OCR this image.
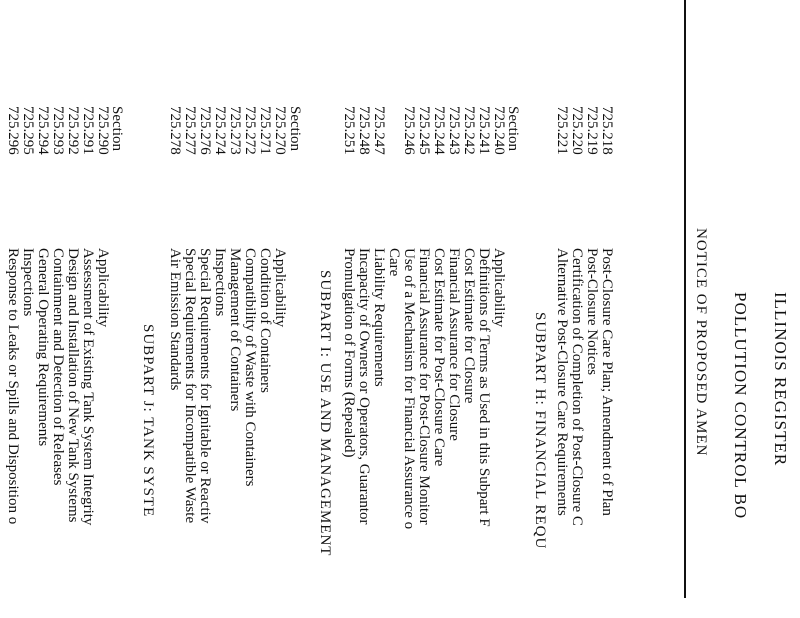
ILLINOIS REGISTER
POLLUTION CONTROL BO
NOTICE OF PROPOSED AMEN
725.218
Post-Closure Care Plan; Amendment of Plan
725.219
Post-Closure Notices
725.220
Certification of Completion of Post-Closure C
725.221
Alternative Post-Closure Care Requirements
SUBPART H: FINANCIAL REQU
Section
725.240
Applicability
725.241
Definitions of Terms as Used in this Subpart F
725.242
Cost Estimate for Closure
725.243
Financial Assurance for Closure
725.244
Cost Estimate for Post-Closure Care
725.245
Financial Assurance for Post-Closure Monitor
725.246
Use of a Mechanism for Financial Assurance o
Care
725.247
Liability Requirements
725.248
Incapacity of Owners or Operators, Guarantor
725.251
Promulgation of Forms (Repealed)
SUBPART I: USE AND MANAGEMENT
Section
725.270
Applicability
725.271
Condition of Containers
725.272
Compatibility of Waste with Containers
725.273
Management of Containers
725.274
Inspections
725.276
Special Requirements for Ignitable or Reactiv
725.277
Special Requirements for Incompatible Waste
725.278
Air Emission Standards
SUBPART J: TANK SYSTE
Section
725.290
Applicability
725.291
Assessment of Existing Tank System Integrity
725.292
Design and Installation of New Tank Systems
725.293
Containment and Detection of Releases
725.294
General Operating Requirements
725.295
Inspections
725.296
Response to Leaks or Spills and Disposition o
